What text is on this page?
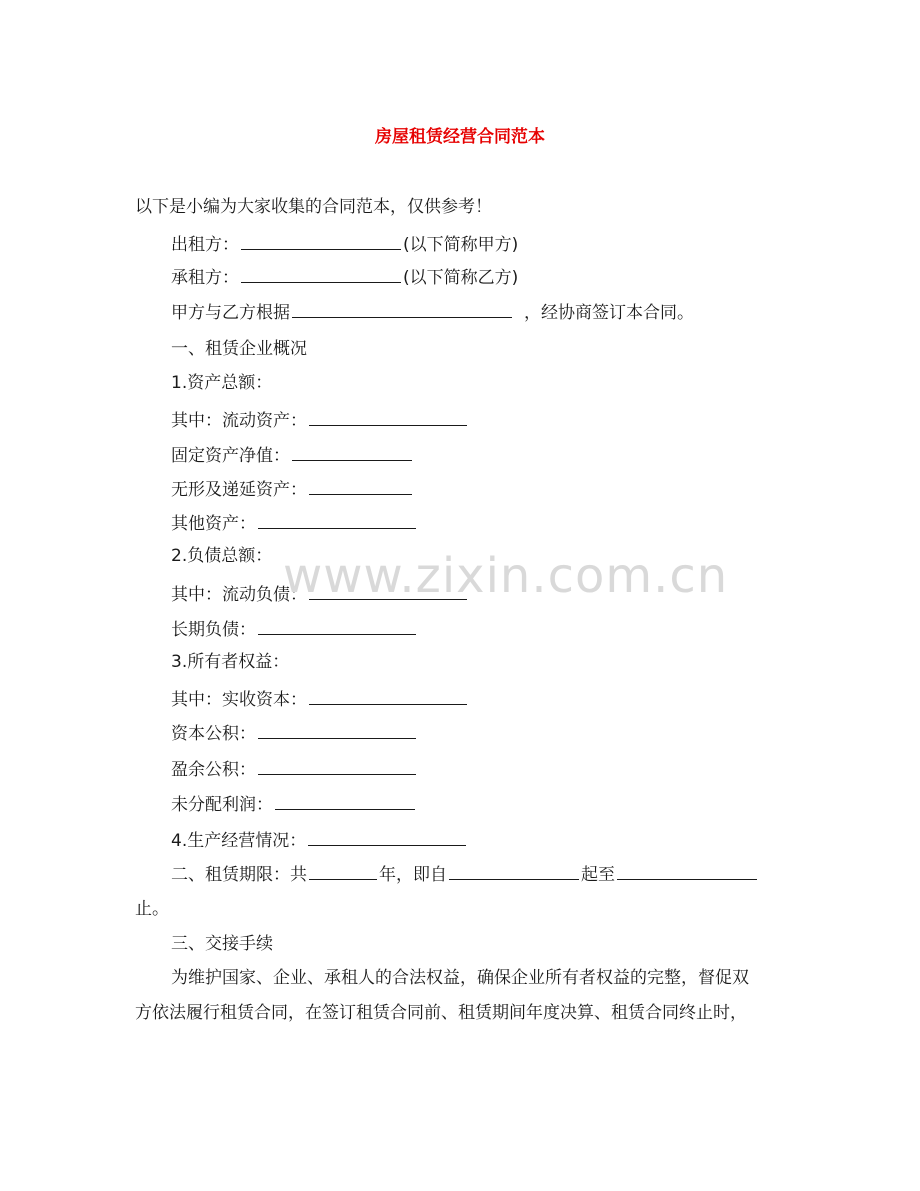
房屋租赁经营合同范本
以下是小编为大家收集的合同范本，仅供参考！
出租方：	(以下简称甲方)
承租方：	(以下简称乙方)
甲方与乙方根据	，经协商签订本合同。
一、租赁企业概况
1.资产总额：
其中：流动资产：
固定资产净值：
无形及递延资产：
其他资产：
2.负债总额：
其中：流动负债：
长期负债：
3.所有者权益：
其中：实收资本：
资本公积：
盈余公积：
未分配利润：
4.生产经营情况：
二、租赁期限：共	年，即自	起至
止。
三、交接手续
为维护国家、企业、承租人的合法权益，确保企业所有者权益的完整，督促双
方依法履行租赁合同，在签订租赁合同前、租赁期间年度决算、租赁合同终止时，
www.zixin.com.cn
